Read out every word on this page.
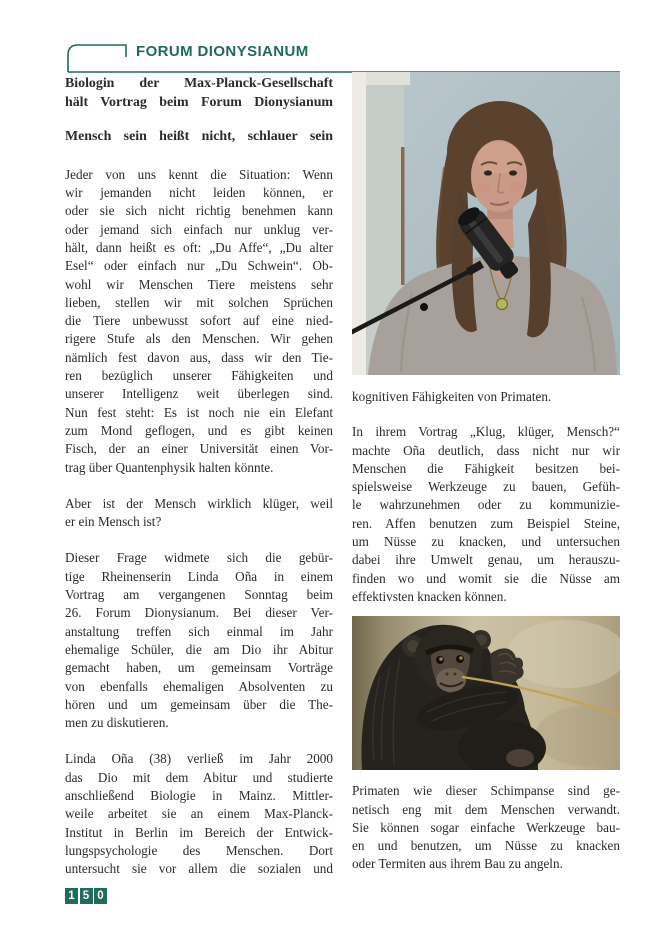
FORUM DIONYSIANUM
Biologin der Max-Planck-Gesellschaft
hält Vortrag beim Forum Dionysianum
Mensch sein heißt nicht, schlauer sein
Jeder von uns kennt die Situation: Wenn
wir jemanden nicht leiden können, er
oder sie sich nicht richtig benehmen kann
oder jemand sich einfach nur unklug ver-
hält, dann heißt es oft: „Du Affe“, „Du alter
Esel“ oder einfach nur „Du Schwein“. Ob-
wohl wir Menschen Tiere meistens sehr
lieben, stellen wir mit solchen Sprüchen
die Tiere unbewusst sofort auf eine nied-
rigere Stufe als den Menschen. Wir gehen
nämlich fest davon aus, dass wir den Tie-
ren bezüglich unserer Fähigkeiten und
unserer Intelligenz weit überlegen sind.
Nun fest steht: Es ist noch nie ein Elefant
zum Mond geflogen, und es gibt keinen
Fisch, der an einer Universität einen Vor-
trag über Quantenphysik halten könnte.
Aber ist der Mensch wirklich klüger, weil
er ein Mensch ist?
Dieser Frage widmete sich die gebür-
tige Rheinenserin Linda Oña in einem
Vortrag am vergangenen Sonntag beim
26. Forum Dionysianum. Bei dieser Ver-
anstaltung treffen sich einmal im Jahr
ehemalige Schüler, die am Dio ihr Abitur
gemacht haben, um gemeinsam Vorträge
von ebenfalls ehemaligen Absolventen zu
hören und um gemeinsam über die The-
men zu diskutieren.
Linda Oña (38) verließ im Jahr 2000
das Dio mit dem Abitur und studierte
anschließend Biologie in Mainz. Mittler-
weile arbeitet sie an einem Max-Planck-
Institut in Berlin im Bereich der Entwick-
lungspsychologie des Menschen. Dort
untersucht sie vor allem die sozialen und
kognitiven Fähigkeiten von Primaten.
In ihrem Vortrag „Klug, klüger, Mensch?“
machte Oña deutlich, dass nicht nur wir
Menschen die Fähigkeit besitzen bei-
spielsweise Werkzeuge zu bauen, Gefüh-
le wahrzunehmen oder zu kommunizie-
ren. Affen benutzen zum Beispiel Steine,
um Nüsse zu knacken, und untersuchen
dabei ihre Umwelt genau, um herauszu-
finden wo und womit sie die Nüsse am
effektivsten knacken können.
Primaten wie dieser Schimpanse sind ge-
netisch eng mit dem Menschen verwandt.
Sie können sogar einfache Werkzeuge bau-
en und benutzen, um Nüsse zu knacken
oder Termiten aus ihrem Bau zu angeln.
1 5 0
